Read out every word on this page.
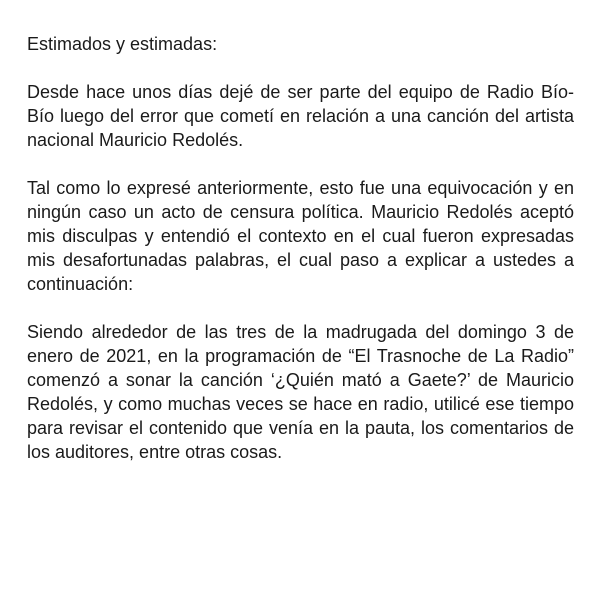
Estimados y estimadas:

Desde hace unos días dejé de ser parte del equipo de Radio Bío-Bío luego del error que cometí en relación a una canción del artista nacional Mauricio Redolés.

Tal como lo expresé anteriormente, esto fue una equivocación y en ningún caso un acto de censura política. Mauricio Redolés aceptó mis disculpas y entendió el contexto en el cual fueron expresadas mis desafortunadas palabras, el cual paso a explicar a ustedes a continuación:

Siendo alrededor de las tres de la madrugada del domingo 3 de enero de 2021, en la programación de “El Trasnoche de La Radio” comenzó a sonar la canción ‘¿Quién mató a Gaete?’ de Mauricio Redolés, y como muchas veces se hace en radio, utilicé ese tiempo para revisar el contenido que venía en la pauta, los comentarios de los auditores, entre otras cosas.
